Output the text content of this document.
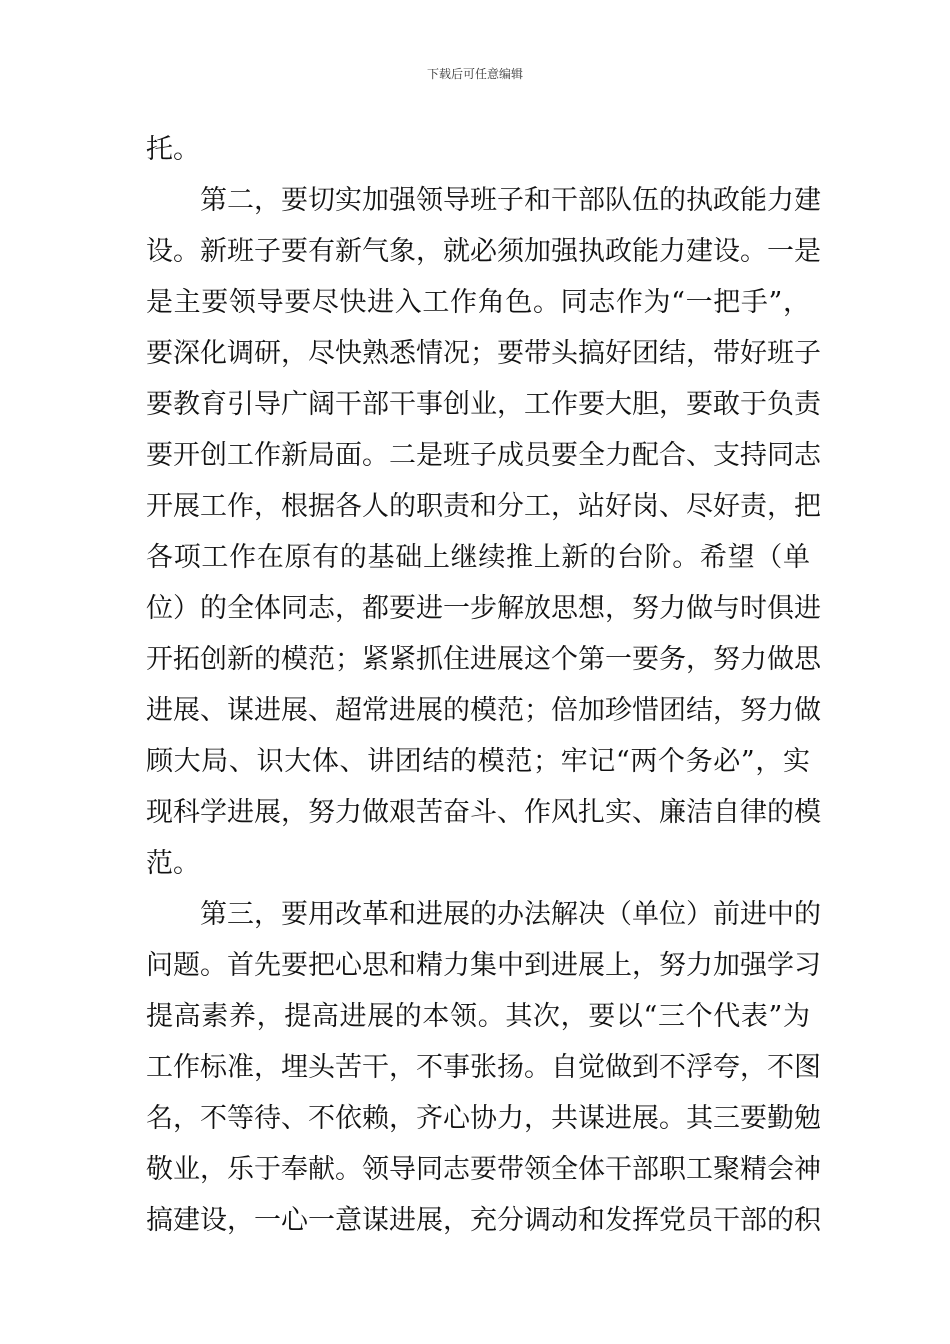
下载后可任意编辑
托。
第二，要切实加强领导班子和干部队伍的执政能力建
设。新班子要有新气象，就必须加强执政能力建设。一是
是主要领导要尽快进入工作角色。同志作为“一把手”，
要深化调研，尽快熟悉情况；要带头搞好团结，带好班子
要教育引导广阔干部干事创业，工作要大胆，要敢于负责
要开创工作新局面。二是班子成员要全力配合、支持同志
开展工作，根据各人的职责和分工，站好岗、尽好责，把
各项工作在原有的基础上继续推上新的台阶。希望（单
位）的全体同志，都要进一步解放思想，努力做与时俱进
开拓创新的模范；紧紧抓住进展这个第一要务，努力做思
进展、谋进展、超常进展的模范；倍加珍惜团结，努力做
顾大局、识大体、讲团结的模范；牢记“两个务必”，实
现科学进展，努力做艰苦奋斗、作风扎实、廉洁自律的模
范。
第三，要用改革和进展的办法解决（单位）前进中的
问题。首先要把心思和精力集中到进展上，努力加强学习
提高素养，提高进展的本领。其次，要以“三个代表”为
工作标准，埋头苦干，不事张扬。自觉做到不浮夸，不图
名，不等待、不依赖，齐心协力，共谋进展。其三要勤勉
敬业，乐于奉献。领导同志要带领全体干部职工聚精会神
搞建设，一心一意谋进展，充分调动和发挥党员干部的积
